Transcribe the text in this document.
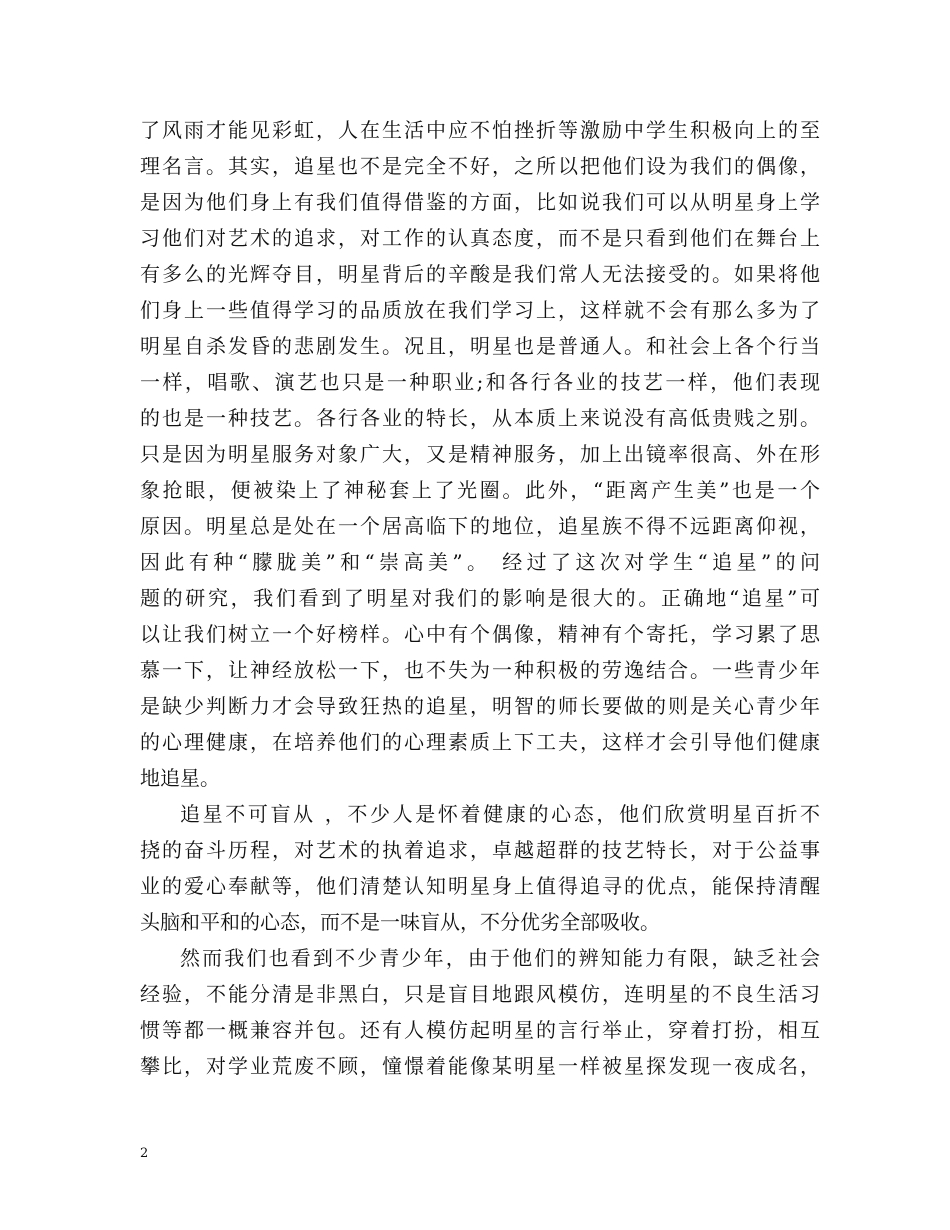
了风雨才能见彩虹，人在生活中应不怕挫折等激励中学生积极向上的至
理名言。其实，追星也不是完全不好，之所以把他们设为我们的偶像，
是因为他们身上有我们值得借鉴的方面，比如说我们可以从明星身上学
习他们对艺术的追求，对工作的认真态度，而不是只看到他们在舞台上
有多么的光辉夺目，明星背后的辛酸是我们常人无法接受的。如果将他
们身上一些值得学习的品质放在我们学习上，这样就不会有那么多为了
明星自杀发昏的悲剧发生。况且，明星也是普通人。和社会上各个行当
一样，唱歌、演艺也只是一种职业;和各行各业的技艺一样，他们表现
的也是一种技艺。各行各业的特长，从本质上来说没有高低贵贱之别。
只是因为明星服务对象广大，又是精神服务，加上出镜率很高、外在形
象抢眼，便被染上了神秘套上了光圈。此外，“距离产生美”也是一个
原因。明星总是处在一个居高临下的地位，追星族不得不远距离仰视，
因此有种“朦胧美”和“崇高美”。 经过了这次对学生“追星”的问
题的研究，我们看到了明星对我们的影响是很大的。正确地“追星”可
以让我们树立一个好榜样。心中有个偶像，精神有个寄托，学习累了思
慕一下，让神经放松一下，也不失为一种积极的劳逸结合。一些青少年
是缺少判断力才会导致狂热的追星，明智的师长要做的则是关心青少年
的心理健康，在培养他们的心理素质上下工夫，这样才会引导他们健康
地追星。
追星不可盲从 ，不少人是怀着健康的心态，他们欣赏明星百折不
挠的奋斗历程，对艺术的执着追求，卓越超群的技艺特长，对于公益事
业的爱心奉献等，他们清楚认知明星身上值得追寻的优点，能保持清醒
头脑和平和的心态，而不是一味盲从，不分优劣全部吸收。
然而我们也看到不少青少年，由于他们的辨知能力有限，缺乏社会
经验，不能分清是非黑白，只是盲目地跟风模仿，连明星的不良生活习
惯等都一概兼容并包。还有人模仿起明星的言行举止，穿着打扮，相互
攀比，对学业荒废不顾，憧憬着能像某明星一样被星探发现一夜成名，
2
